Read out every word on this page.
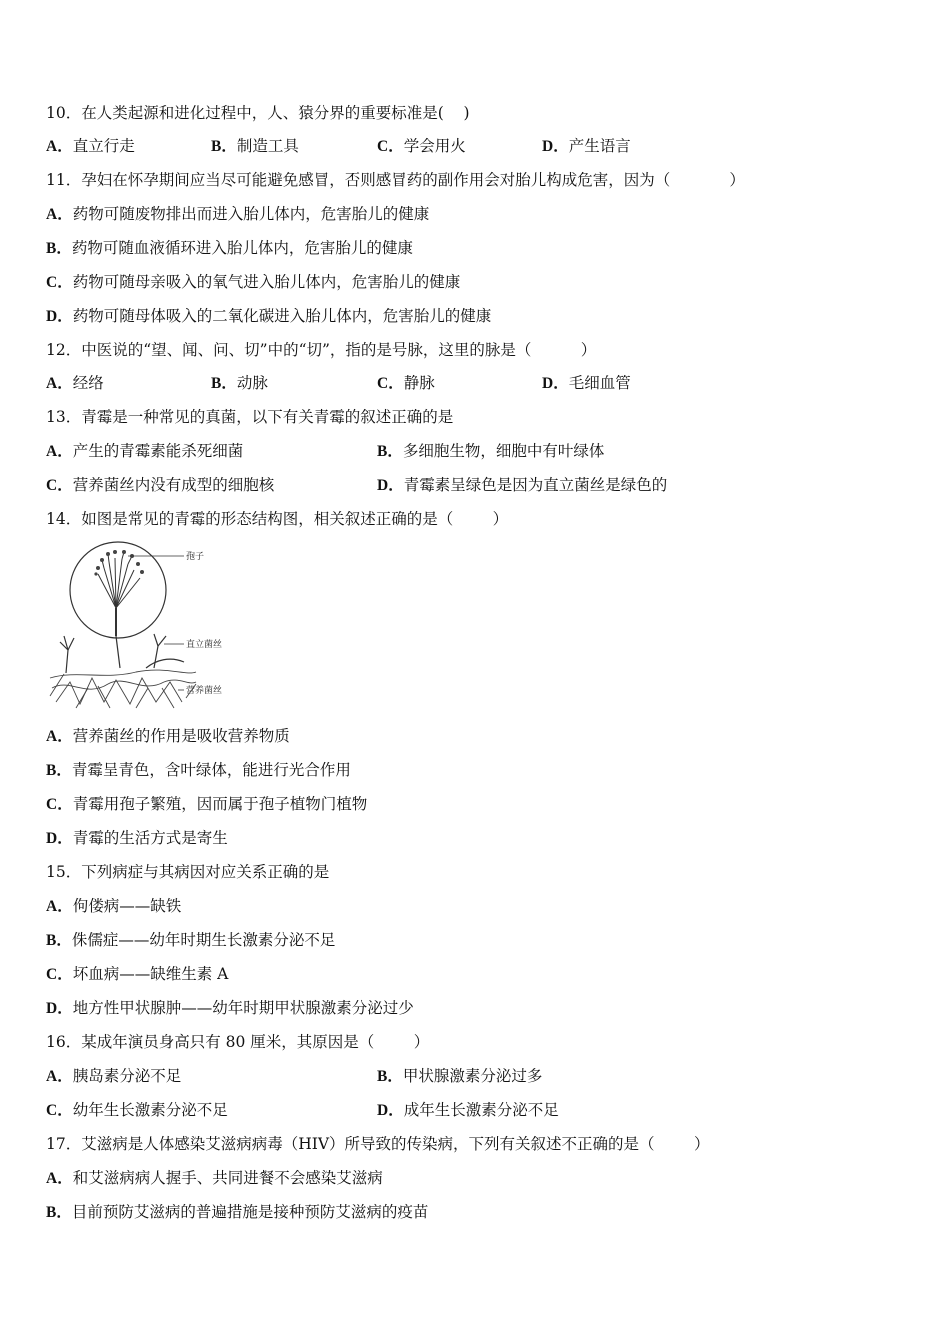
10．在人类起源和进化过程中，人、猿分界的重要标准是(    )
A．直立行走	B．制造工具	C．学会用火	D．产生语言
11．孕妇在怀孕期间应当尽可能避免感冒，否则感冒药的副作用会对胎儿构成危害，因为（            ）
A．药物可随废物排出而进入胎儿体内，危害胎儿的健康
B．药物可随血液循环进入胎儿体内，危害胎儿的健康
C．药物可随母亲吸入的氧气进入胎儿体内，危害胎儿的健康
D．药物可随母体吸入的二氧化碳进入胎儿体内，危害胎儿的健康
12．中医说的“望、闻、问、切”中的“切”，指的是号脉，这里的脉是（          ）
A．经络	B．动脉	C．静脉	D．毛细血管
13．青霉是一种常见的真菌，以下有关青霉的叙述正确的是
A．产生的青霉素能杀死细菌	B．多细胞生物，细胞中有叶绿体
C．营养菌丝内没有成型的细胞核	D．青霉素呈绿色是因为直立菌丝是绿色的
14．如图是常见的青霉的形态结构图，相关叙述正确的是（        ）
孢子
直立菌丝
营养菌丝
A．营养菌丝的作用是吸收营养物质
B．青霉呈青色，含叶绿体，能进行光合作用
C．青霉用孢子繁殖，因而属于孢子植物门植物
D．青霉的生活方式是寄生
15．下列病症与其病因对应关系正确的是
A．佝偻病——缺铁
B．侏儒症——幼年时期生长激素分泌不足
C．坏血病——缺维生素 A
D．地方性甲状腺肿——幼年时期甲状腺激素分泌过少
16．某成年演员身高只有 80 厘米，其原因是（        ）
A．胰岛素分泌不足	B．甲状腺激素分泌过多
C．幼年生长激素分泌不足	D．成年生长激素分泌不足
17．艾滋病是人体感染艾滋病病毒（HIV）所导致的传染病，下列有关叙述不正确的是（        ）
A．和艾滋病病人握手、共同进餐不会感染艾滋病
B．目前预防艾滋病的普遍措施是接种预防艾滋病的疫苗
